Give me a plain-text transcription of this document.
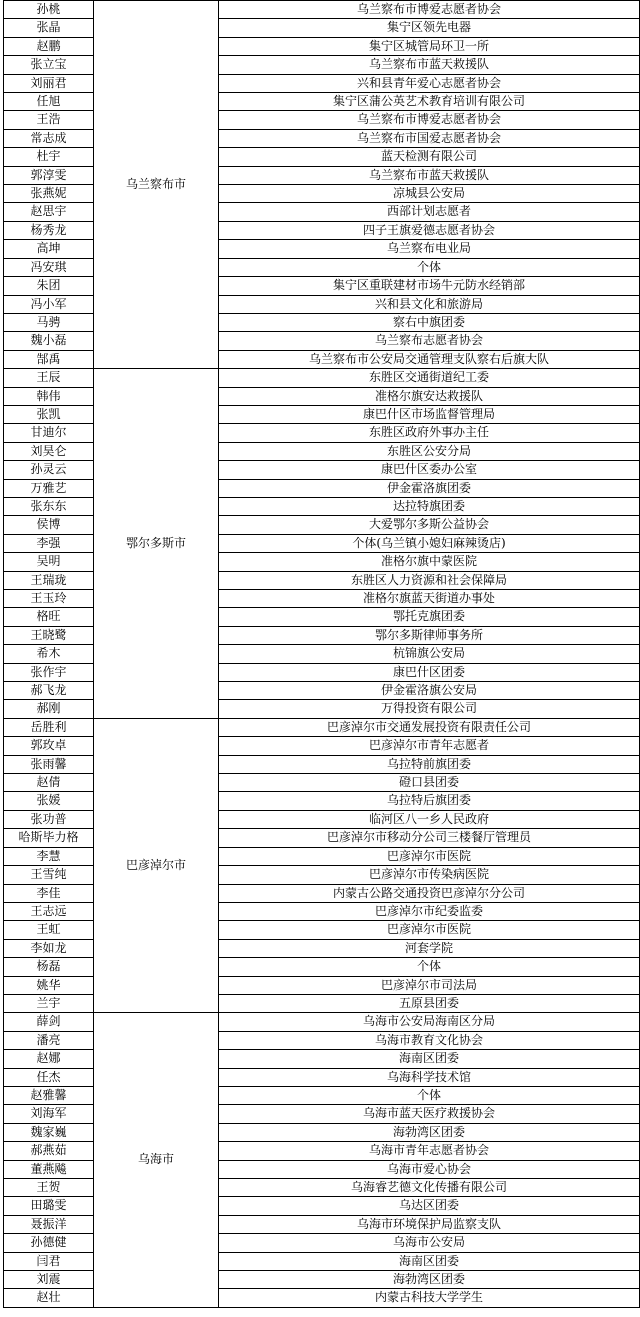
孙桃	乌兰察布市	乌兰察布市博爱志愿者协会
张晶		集宁区领先电器
赵鹏		集宁区城管局环卫一所
张立宝		乌兰察布市蓝天救援队
刘丽君		兴和县青年爱心志愿者协会
任旭		集宁区蒲公英艺术教育培训有限公司
王浩		乌兰察布市博爱志愿者协会
常志成		乌兰察布市国爱志愿者协会
杜宇		蓝天检测有限公司
郭淳雯		乌兰察布市蓝天救援队
张燕妮		凉城县公安局
赵思宇		西部计划志愿者
杨秀龙		四子王旗爱德志愿者协会
高坤		乌兰察布电业局
冯安琪		个体
朱团		集宁区重联建材市场牛元防水经销部
冯小军		兴和县文化和旅游局
马骋		察右中旗团委
魏小磊		乌兰察布志愿者协会
郜禹		乌兰察布市公安局交通管理支队察右后旗大队
王辰	鄂尔多斯市	东胜区交通街道纪工委
韩伟		准格尔旗安达救援队
张凯		康巴什区市场监督管理局
甘迪尔		东胜区政府外事办主任
刘昊仑		东胜区公安分局
孙灵云		康巴什区委办公室
万雅艺		伊金霍洛旗团委
张东东		达拉特旗团委
侯博		大爱鄂尔多斯公益协会
李强		个体(乌兰镇小媳妇麻辣烫店)
吴明		准格尔旗中蒙医院
王瑞珑		东胜区人力资源和社会保障局
王玉玲		准格尔旗蓝天街道办事处
格旺		鄂托克旗团委
王晓鹭		鄂尔多斯律师事务所
希木		杭锦旗公安局
张作宇		康巴什区团委
郝飞龙		伊金霍洛旗公安局
郝刚		万得投资有限公司
岳胜利	巴彦淖尔市	巴彦淖尔市交通发展投资有限责任公司
郭玫卓		巴彦淖尔市青年志愿者
张雨馨		乌拉特前旗团委
赵倩		磴口县团委
张媛		乌拉特后旗团委
张功普		临河区八一乡人民政府
哈斯毕力格		巴彦淖尔市移动分公司三楼餐厅管理员
李慧		巴彦淖尔市医院
王雪纯		巴彦淖尔市传染病医院
李佳		内蒙古公路交通投资巴彦淖尔分公司
王志远		巴彦淖尔市纪委监委
王虹		巴彦淖尔市医院
李如龙		河套学院
杨磊		个体
姚华		巴彦淖尔市司法局
兰宇		五原县团委
薛剑	乌海市	乌海市公安局海南区分局
潘亮		乌海市教育文化协会
赵娜		海南区团委
任杰		乌海科学技术馆
赵雅馨		个体
刘海军		乌海市蓝天医疗救援协会
魏家巍		海勃湾区团委
郝燕茹		乌海市青年志愿者协会
董燕飚		乌海市爱心协会
王贺		乌海睿艺德文化传播有限公司
田璐雯		乌达区团委
聂振洋		乌海市环境保护局监察支队
孙德健		乌海市公安局
闫君		海南区团委
刘震		海勃湾区团委
赵壮		内蒙古科技大学学生
